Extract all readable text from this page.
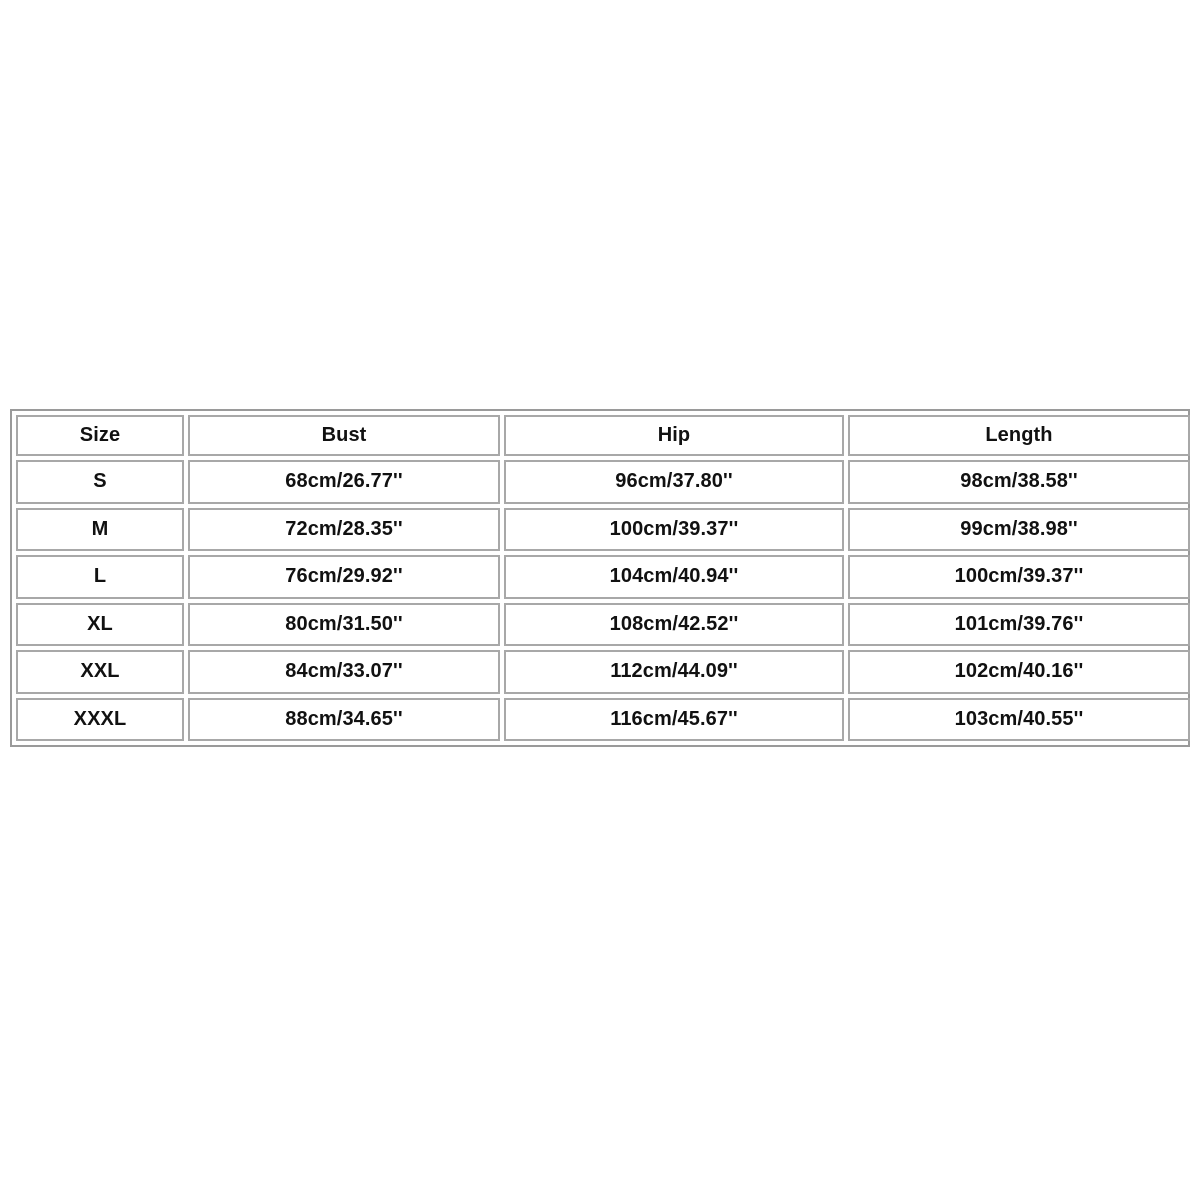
Size	Bust	Hip	Length
S	68cm/26.77''	96cm/37.80''	98cm/38.58''
M	72cm/28.35''	100cm/39.37''	99cm/38.98''
L	76cm/29.92''	104cm/40.94''	100cm/39.37''
XL	80cm/31.50''	108cm/42.52''	101cm/39.76''
XXL	84cm/33.07''	112cm/44.09''	102cm/40.16''
XXXL	88cm/34.65''	116cm/45.67''	103cm/40.55''
